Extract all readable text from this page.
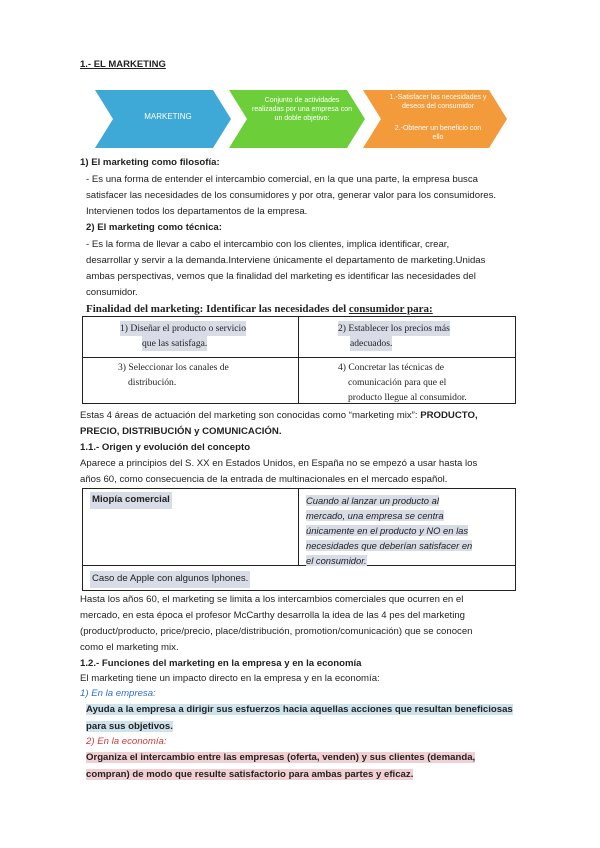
1.- EL MARKETING
MARKETING
Conjunto de actividades realizadas por una empresa con un doble objetivo:
1.-Satisfacer las necesidades y deseos del consumidor
2.-Obtener un beneficio con ello
1) El marketing como filosofía:
- Es una forma de entender el intercambio comercial, en la que una parte, la empresa busca
satisfacer las necesidades de los consumidores y por otra, generar valor para los consumidores.
Intervienen todos los departamentos de la empresa.
2) El marketing como técnica:
- Es la forma de llevar a cabo el intercambio con los clientes, implica identificar, crear,
desarrollar y servir a la demanda.Interviene únicamente el departamento de marketing.Unidas
ambas perspectivas, vemos que la finalidad del marketing es identificar las necesidades del
consumidor.
Finalidad del marketing: Identificar las necesidades del consumidor para:
1) Diseñar el producto o servicio
que las satisfaga.
2) Establecer los precios más
adecuados.
3) Seleccionar los canales de
distribución.
4) Concretar las técnicas de
comunicación para que el
producto llegue al consumidor.
Estas 4 áreas de actuación del marketing son conocidas como “marketing mix”: PRODUCTO,
PRECIO, DISTRIBUCIÓN y COMUNICACIÓN.
1.1.- Origen y evolución del concepto
Aparece a principios del S. XX en Estados Unidos, en España no se empezó a usar hasta los
años 60, como consecuencia de la entrada de multinacionales en el mercado español.
Miopía comercial	Cuando al lanzar un producto al
mercado, una empresa se centra
únicamente en el producto y NO en las
necesidades que deberían satisfacer en
el consumidor.
Caso de Apple con algunos Iphones.
Hasta los años 60, el marketing se limita a los intercambios comerciales que ocurren en el
mercado, en esta época el profesor McCarthy desarrolla la idea de las 4 pes del marketing
(product/producto, price/precio, place/distribución, promotion/comunicación) que se conocen
como el marketing mix.
1.2.- Funciones del marketing en la empresa y en la economía
El marketing tiene un impacto directo en la empresa y en la economía:
1) En la empresa:
Ayuda a la empresa a dirigir sus esfuerzos hacia aquellas acciones que resultan beneficiosas
para sus objetivos.
2) En la economía:
Organiza el intercambio entre las empresas (oferta, venden) y sus clientes (demanda,
compran) de modo que resulte satisfactorio para ambas partes y eficaz.
